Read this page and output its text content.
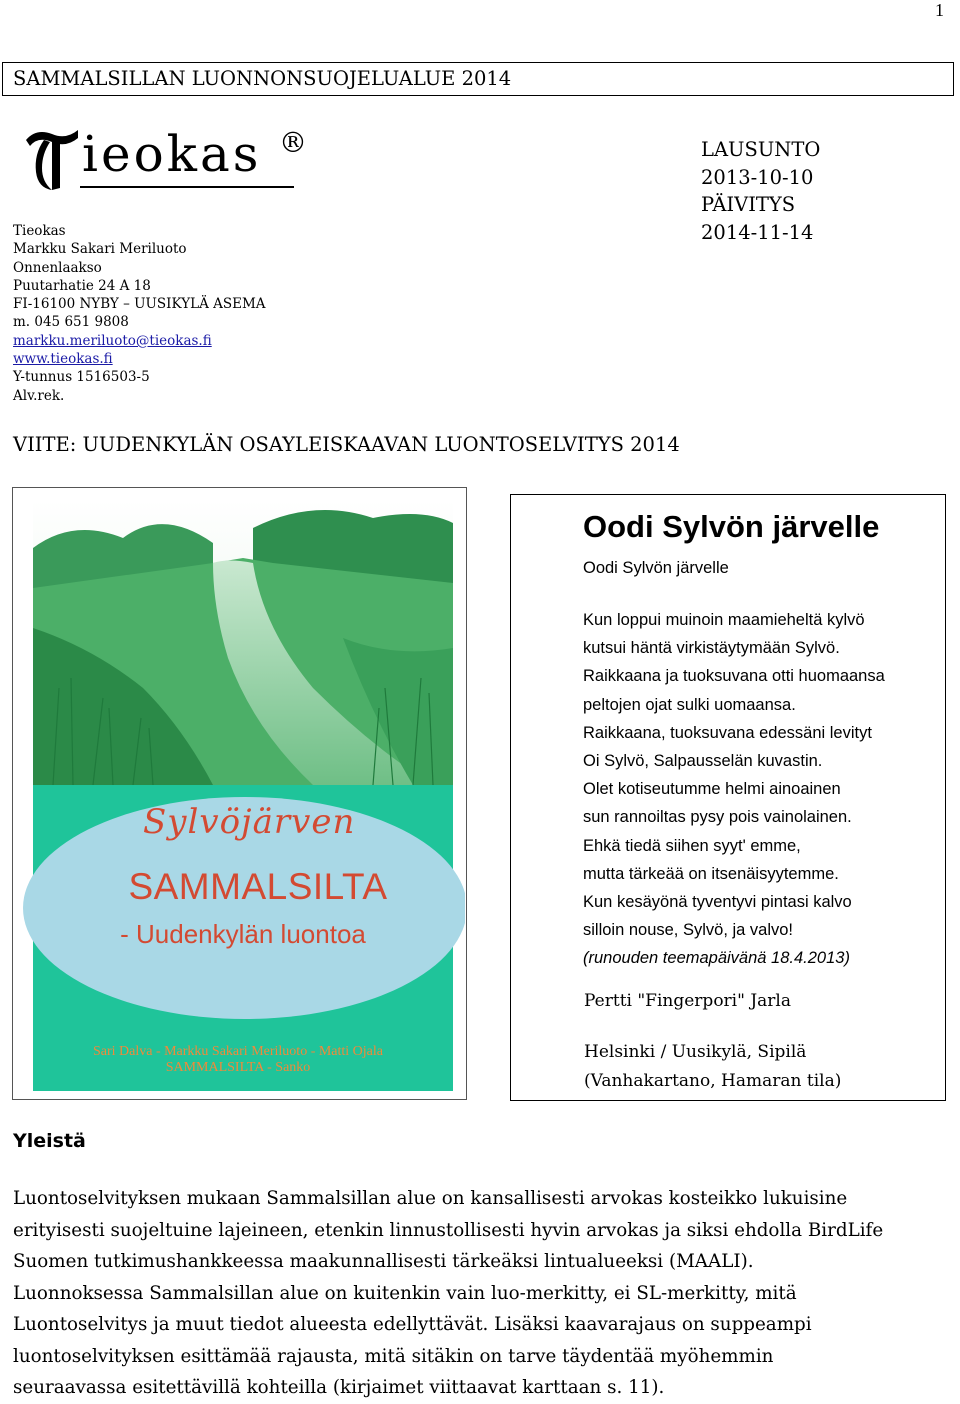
1
SAMMALSILLAN LUONNONSUOJELUALUE 2014
ieokas ®	LAUSUNTO
2013-10-10
PÄIVITYS
2014-11-14
Tieokas
Markku Sakari Meriluoto
Onnenlaakso
Puutarhatie 24 A 18
FI-16100 NYBY – UUSIKYLÄ ASEMA
m. 045 651 9808
markku.meriluoto@tieokas.fi
www.tieokas.fi
Y-tunnus 1516503-5
Alv.rek.
VIITE: UUDENKYLÄN OSAYLEISKAAVAN LUONTOSELVITYS 2014
Sylvöjärven
SAMMALSILTA
- Uudenkylän luontoa
Sari Dalva - Markku Sakari Meriluoto - Matti Ojala
SAMMALSILTA - Sanko
Oodi Sylvön järvelle
Oodi Sylvön järvelle
Kun loppui muinoin maamieheltä kylvö
kutsui häntä virkistäytymään Sylvö.
Raikkaana ja tuoksuvana otti huomaansa
peltojen ojat sulki uomaansa.
Raikkaana, tuoksuvana edessäni levityt
Oi Sylvö, Salpausselän kuvastin.
Olet kotiseutumme helmi ainoainen
sun rannoiltas pysy pois vainolainen.
Ehkä tiedä siihen syyt' emme,
mutta tärkeää on itsenäisyytemme.
Kun kesäyönä tyventyvi pintasi kalvo
silloin nouse, Sylvö, ja valvo!
(runouden teemapäivänä 18.4.2013)
Pertti "Fingerpori" Jarla
Helsinki / Uusikylä, Sipilä
(Vanhakartano, Hamaran tila)
Yleistä
Luontoselvityksen mukaan Sammalsillan alue on kansallisesti arvokas kosteikko lukuisine
erityisesti suojeltuine lajeineen, etenkin linnustollisesti hyvin arvokas ja siksi ehdolla BirdLife
Suomen tutkimushankkeessa maakunnallisesti tärkeäksi lintualueeksi (MAALI).
Luonnoksessa Sammalsillan alue on kuitenkin vain luo-merkitty, ei SL-merkitty, mitä
Luontoselvitys ja muut tiedot alueesta edellyttävät. Lisäksi kaavarajaus on suppeampi
luontoselvityksen esittämää rajausta, mitä sitäkin on tarve täydentää myöhemmin
seuraavassa esitettävillä kohteilla (kirjaimet viittaavat karttaan s. 11).
